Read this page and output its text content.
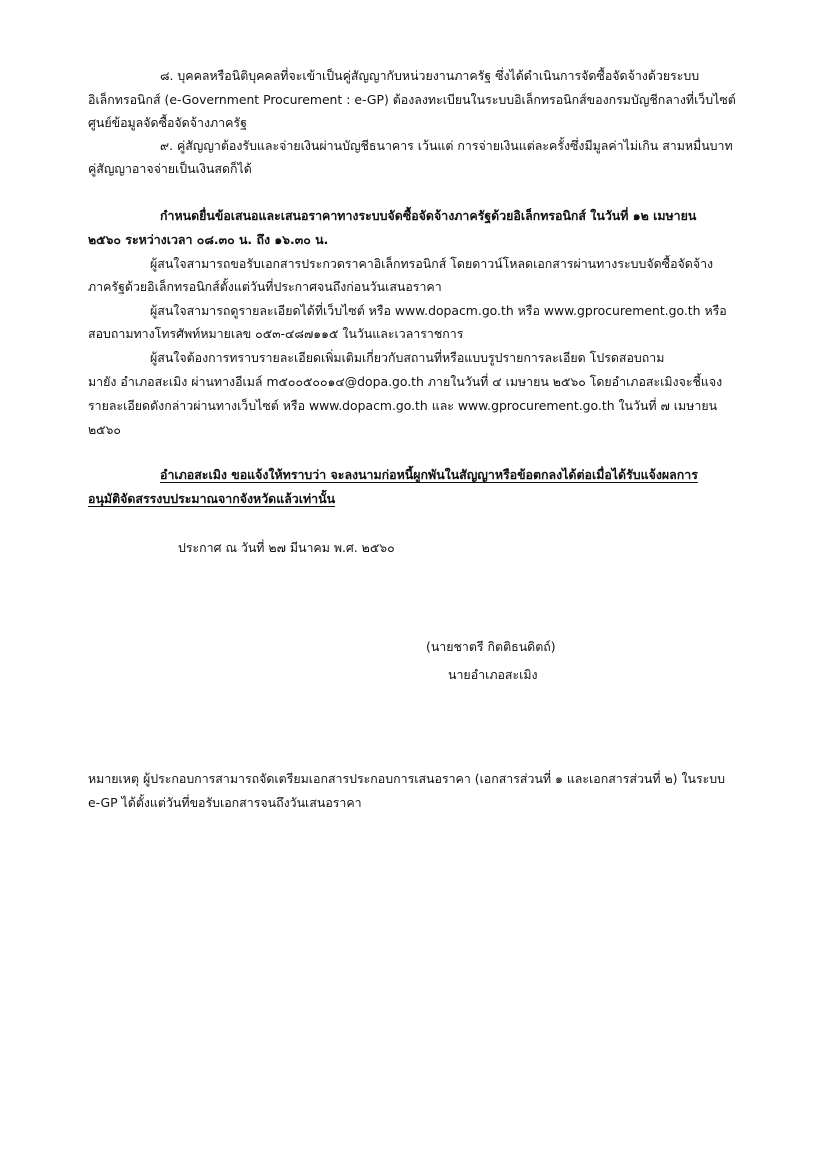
๘. บุคคลหรือนิติบุคคลที่จะเข้าเป็นคู่สัญญากับหน่วยงานภาครัฐ ซึ่งได้ดำเนินการจัดซื้อจัดจ้างด้วยระบบ
อิเล็กทรอนิกส์ (e-Government Procurement : e-GP) ต้องลงทะเบียนในระบบอิเล็กทรอนิกส์ของกรมบัญชีกลางที่เว็บไซต์
ศูนย์ข้อมูลจัดซื้อจัดจ้างภาครัฐ
๙. คู่สัญญาต้องรับและจ่ายเงินผ่านบัญชีธนาคาร เว้นแต่ การจ่ายเงินแต่ละครั้งซึ่งมีมูลค่าไม่เกิน สามหมื่นบาท
คู่สัญญาอาจจ่ายเป็นเงินสดก็ได้
กำหนดยื่นข้อเสนอและเสนอราคาทางระบบจัดซื้อจัดจ้างภาครัฐด้วยอิเล็กทรอนิกส์ ในวันที่ ๑๒ เมษายน
๒๕๖๐ ระหว่างเวลา ๐๘.๓๐ น. ถึง ๑๖.๓๐ น.
ผู้สนใจสามารถขอรับเอกสารประกวดราคาอิเล็กทรอนิกส์ โดยดาวน์โหลดเอกสารผ่านทางระบบจัดซื้อจัดจ้าง
ภาครัฐด้วยอิเล็กทรอนิกส์ตั้งแต่วันที่ประกาศจนถึงก่อนวันเสนอราคา
ผู้สนใจสามารถดูรายละเอียดได้ที่เว็บไซต์ หรือ www.dopacm.go.th หรือ www.gprocurement.go.th หรือ
สอบถามทางโทรศัพท์หมายเลข ๐๕๓-๔๘๗๑๑๕ ในวันและเวลาราชการ
ผู้สนใจต้องการทราบรายละเอียดเพิ่มเติมเกี่ยวกับสถานที่หรือแบบรูปรายการละเอียด โปรดสอบถาม
มายัง อำเภอสะเมิง ผ่านทางอีเมล์ m๕๐๐๕๐๐๑๔@dopa.go.th ภายในวันที่ ๔ เมษายน ๒๕๖๐ โดยอำเภอสะเมิงจะชี้แจง
รายละเอียดดังกล่าวผ่านทางเว็บไซต์ หรือ www.dopacm.go.th และ www.gprocurement.go.th ในวันที่ ๗ เมษายน
๒๕๖๐
อำเภอสะเมิง ขอแจ้งให้ทราบว่า จะลงนามก่อหนี้ผูกพันในสัญญาหรือข้อตกลงได้ต่อเมื่อได้รับแจ้งผลการ
อนุมัติจัดสรรงบประมาณจากจังหวัดแล้วเท่านั้น
ประกาศ ณ วันที่ ๒๗ มีนาคม พ.ศ. ๒๕๖๐
(นายชาตรี กิตติธนดิตถ์)
นายอำเภอสะเมิง
หมายเหตุ ผู้ประกอบการสามารถจัดเตรียมเอกสารประกอบการเสนอราคา (เอกสารส่วนที่ ๑ และเอกสารส่วนที่ ๒) ในระบบ
e-GP ได้ตั้งแต่วันที่ขอรับเอกสารจนถึงวันเสนอราคา
